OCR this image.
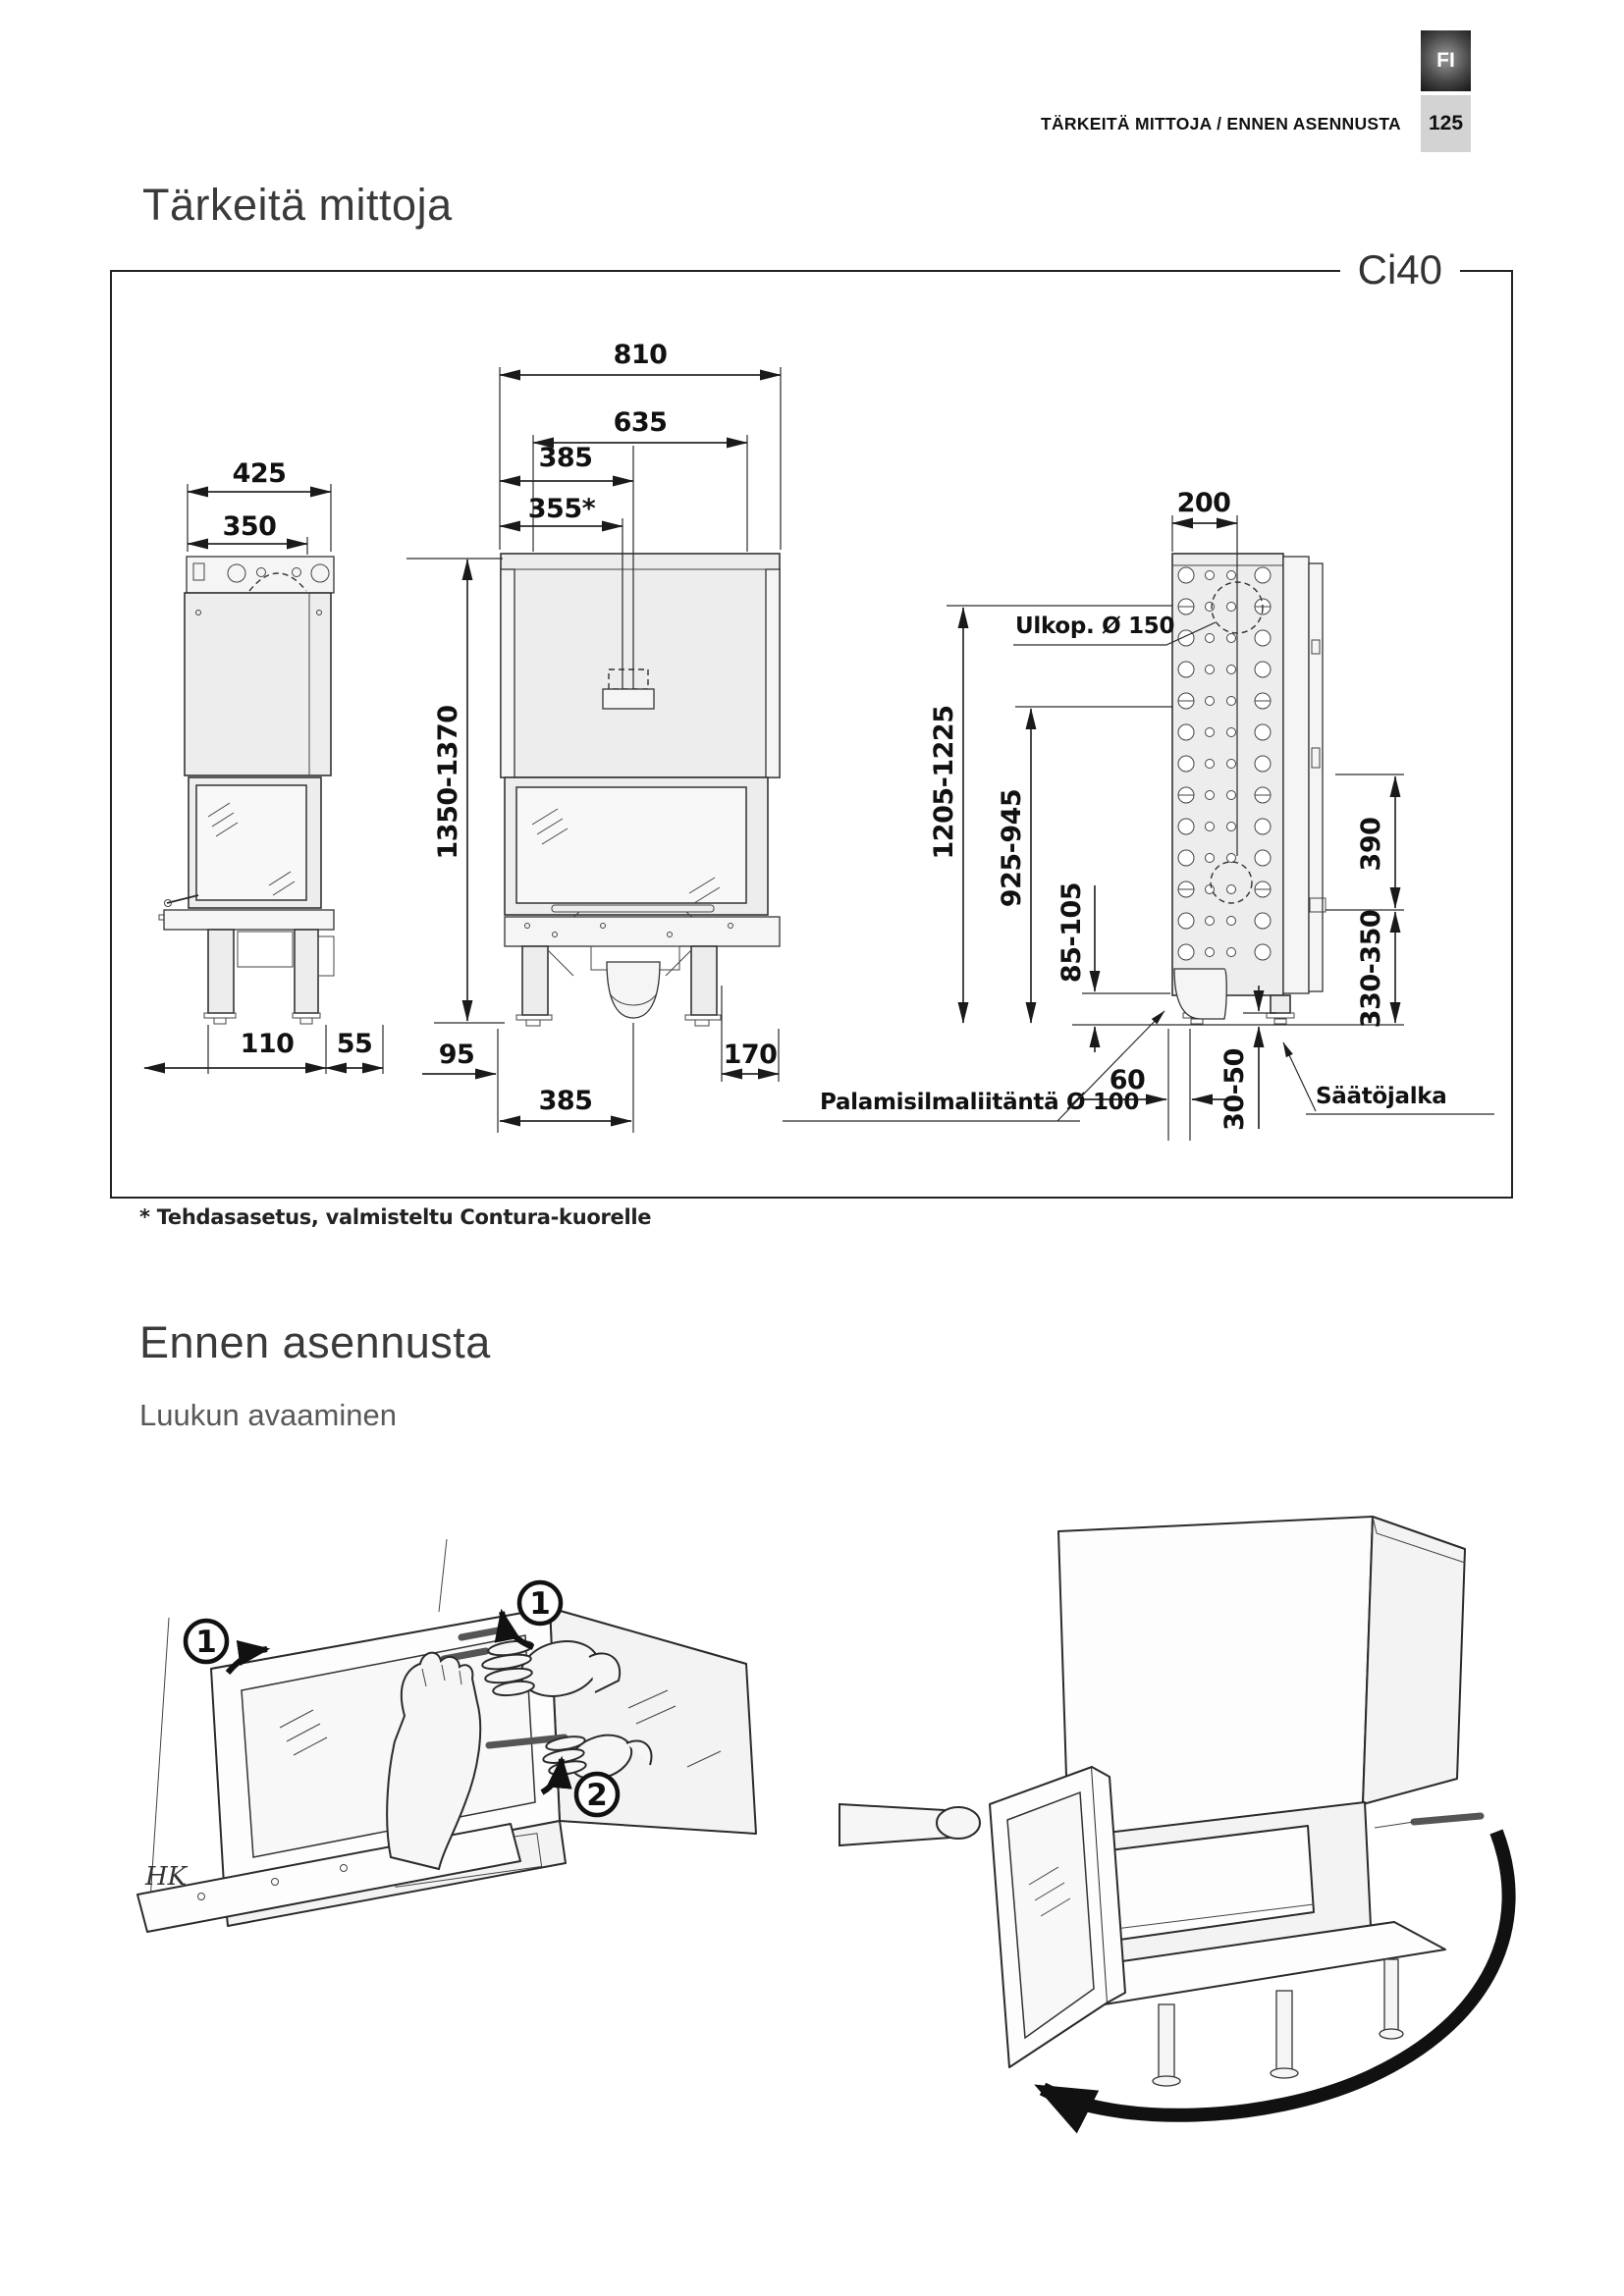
FI
125
TÄRKEITÄ MITTOJA / ENNEN ASENNUSTA
Tärkeitä mittoja
Ci40
425
350
110 55
810
635
385
355*
1350-1370
95
385
170
200
Ulkop. Ø 150
1205-1225 925-945
85-105
30-50
390
330-350
60
Palamisilmaliitäntä Ø 100	Säätöjalka
* Tehdasasetus, valmisteltu Contura-kuorelle
Ennen asennusta
Luukun avaaminen
1
1
2
HK
